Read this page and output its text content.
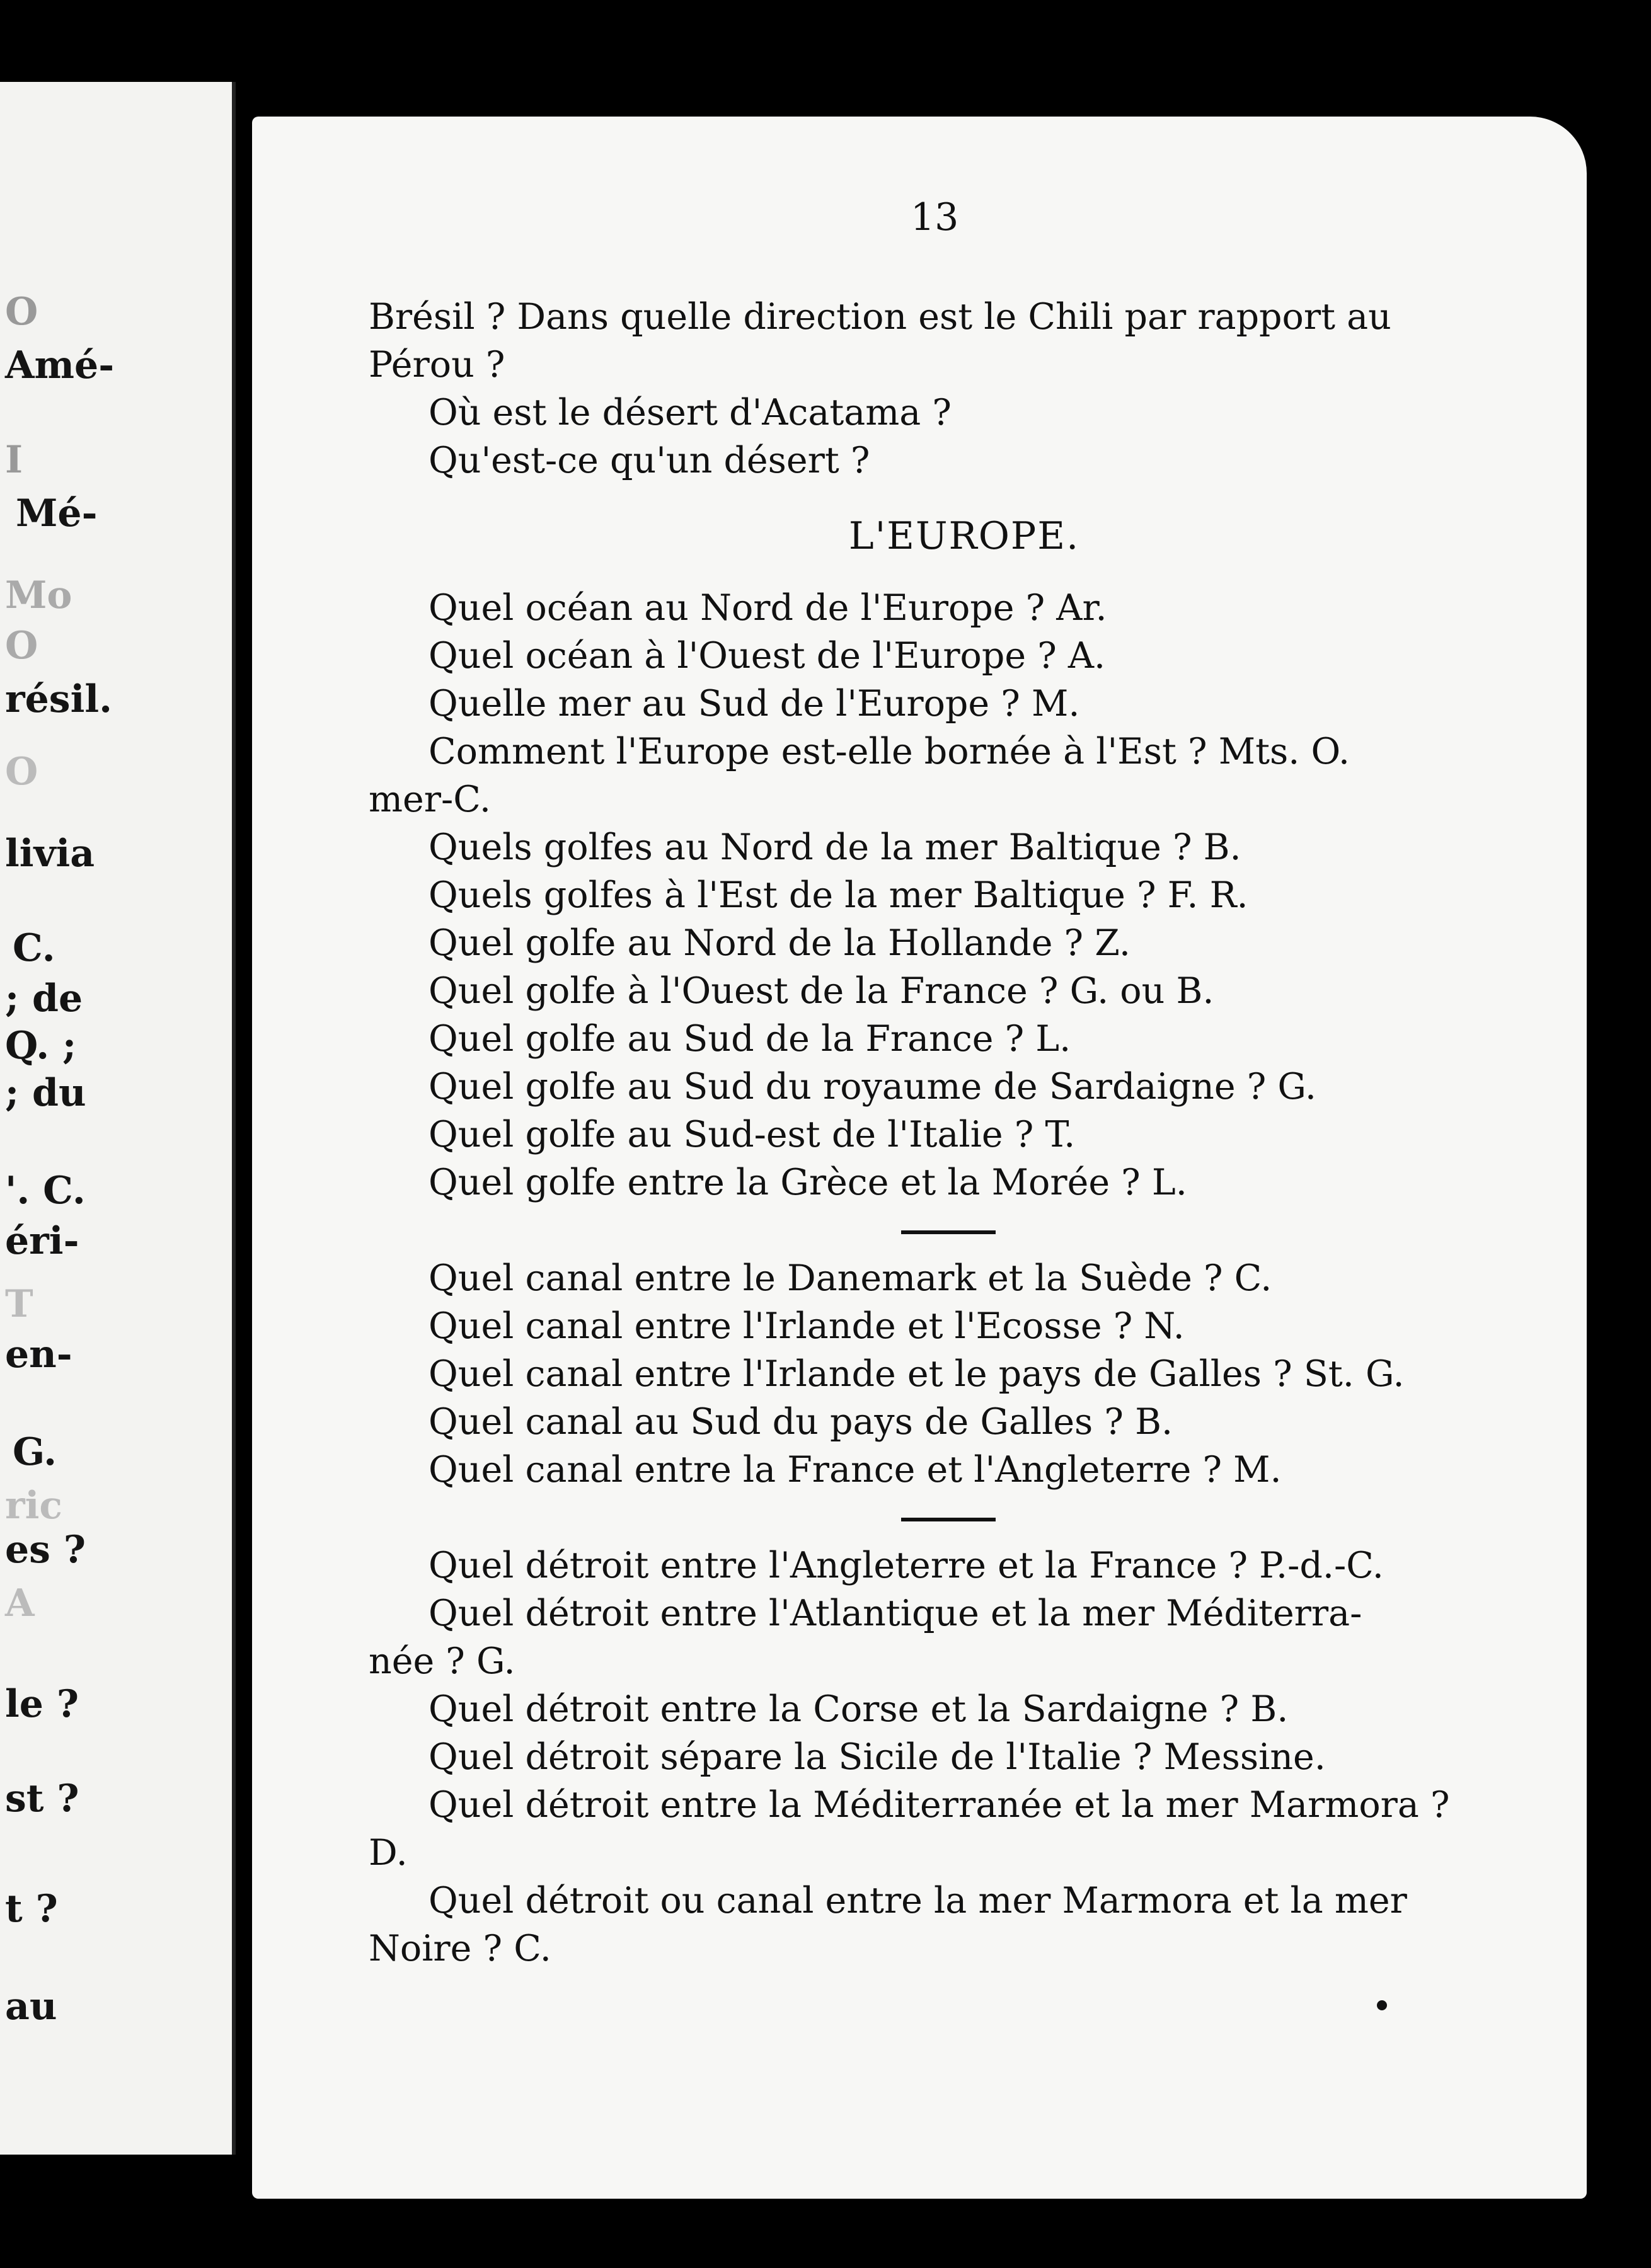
O
Amé-
I
Mé-
Mo
O
résil.
O
livia
C.
; de
Q. ;
; du
'. C.
éri-
T
en-
G.
ric
es ?
A
le ?
st ?
t ?
au
13

Brésil ? Dans quelle direction est le Chili par rapport au

Pérou ?

Où est le désert d'Acatama ?

Qu'est-ce qu'un désert ?

L'EUROPE.

Quel océan au Nord de l'Europe ? Ar.

Quel océan à l'Ouest de l'Europe ? A.

Quelle mer au Sud de l'Europe ? M.

Comment l'Europe est-elle bornée à l'Est ? Mts. O.

mer-C.

Quels golfes au Nord de la mer Baltique ? B.

Quels golfes à l'Est de la mer Baltique ? F. R.

Quel golfe au Nord de la Hollande ? Z.

Quel golfe à l'Ouest de la France ? G. ou B.

Quel golfe au Sud de la France ? L.

Quel golfe au Sud du royaume de Sardaigne ? G.

Quel golfe au Sud-est de l'Italie ? T.

Quel golfe entre la Grèce et la Morée ? L.

Quel canal entre le Danemark et la Suède ? C.

Quel canal entre l'Irlande et l'Ecosse ? N.

Quel canal entre l'Irlande et le pays de Galles ? St. G.

Quel canal au Sud du pays de Galles ? B.

Quel canal entre la France et l'Angleterre ? M.

Quel détroit entre l'Angleterre et la France ? P.-d.-C.

Quel détroit entre l'Atlantique et la mer Méditerra-

née ? G.

Quel détroit entre la Corse et la Sardaigne ? B.

Quel détroit sépare la Sicile de l'Italie ? Messine.

Quel détroit entre la Méditerranée et la mer Marmora ?

D.

Quel détroit ou canal entre la mer Marmora et la mer

Noire ? C.
